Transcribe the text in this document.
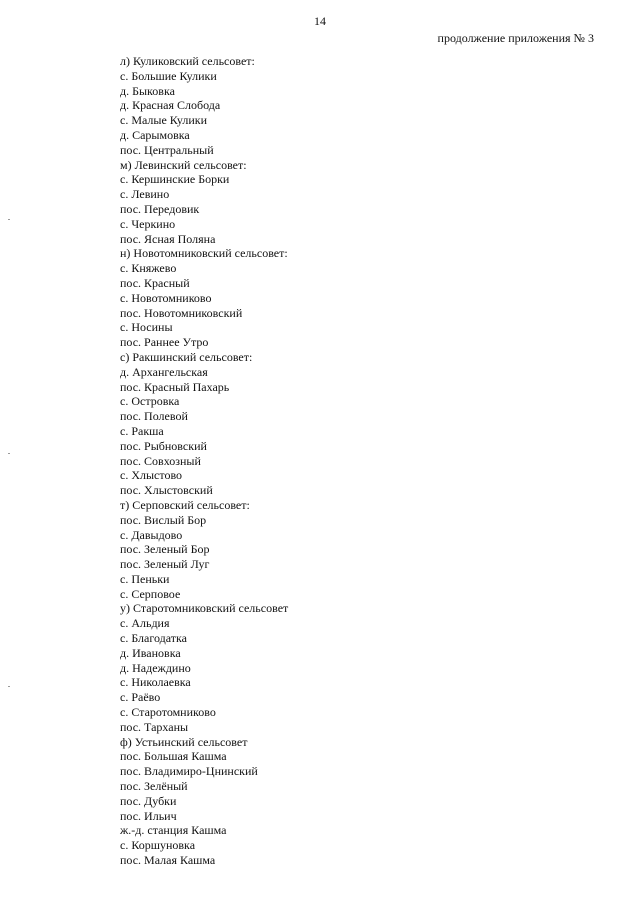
14
продолжение приложения № 3
л) Куликовский сельсовет:
с. Большие Кулики
д. Быковка
д. Красная Слобода
с. Малые Кулики
д. Сарымовка
пос. Центральный
м) Левинский сельсовет:
с. Кершинские Борки
с. Левино
пос. Передовик
с. Черкино
пос. Ясная Поляна
н) Новотомниковский сельсовет:
с. Княжево
пос. Красный
с. Новотомниково
пос. Новотомниковский
с. Носины
пос. Раннее Утро
с) Ракшинский сельсовет:
д. Архангельская
пос. Красный Пахарь
с. Островка
пос. Полевой
с. Ракша
пос. Рыбновский
пос. Совхозный
с. Хлыстово
пос. Хлыстовский
т) Серповский сельсовет:
пос. Вислый Бор
с. Давыдово
пос. Зеленый Бор
пос. Зеленый Луг
с. Пеньки
с. Серповое
у) Старотомниковский сельсовет
с. Альдия
с. Благодатка
д. Ивановка
д. Надеждино
с. Николаевка
с. Раёво
с. Старотомниково
пос. Тарханы
ф) Устьинский сельсовет
пос. Большая Кашма
пос. Владимиро-Цнинский
пос. Зелёный
пос. Дубки
пос. Ильич
ж.-д. станция Кашма
с. Коршуновка
пос. Малая Кашма
